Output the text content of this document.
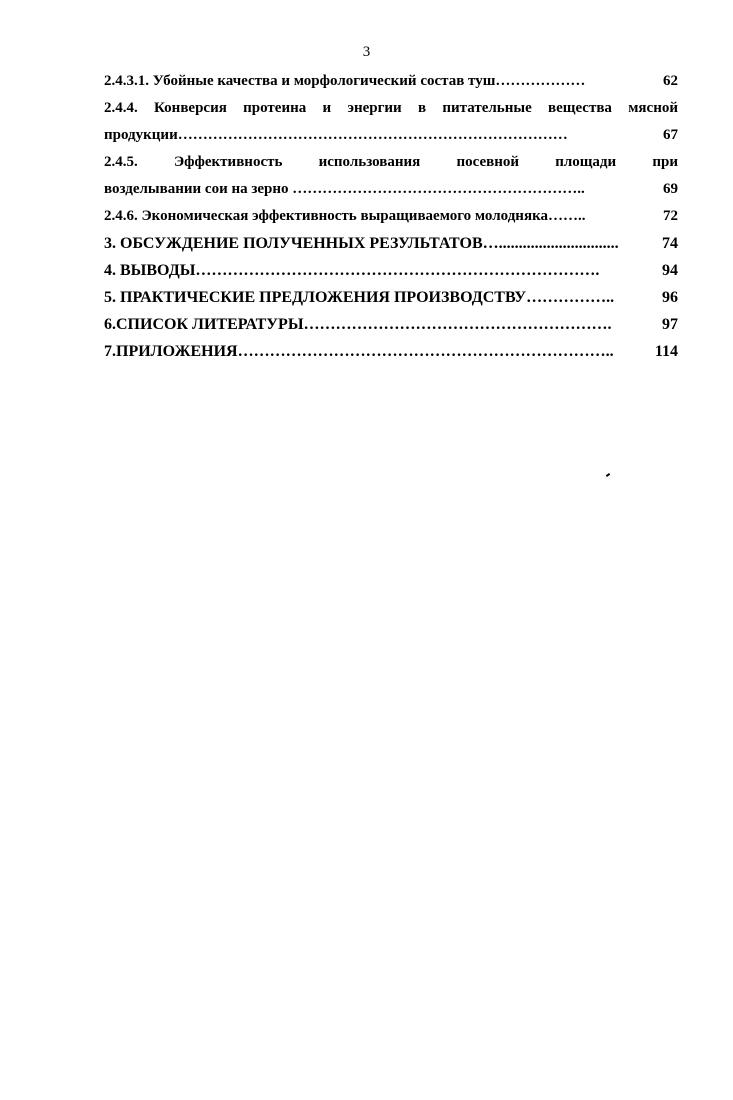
3
2.4.3.1. Убойные качества и морфологический состав туш ………………	62
2.4.4. Конверсия протеина и энергии в питательные вещества мясной
продукции ……………………………………………………………………	67
2.4.5. Эффективность использования посевной площади при
возделывании сои на зерно …………………………………………………..	69
2.4.6. Экономическая эффективность выращиваемого молодняка ……..	72
3. ОБСУЖДЕНИЕ ПОЛУЧЕННЫХ РЕЗУЛЬТАТОВ …..............................	74
4. ВЫВОДЫ ………………………………………………………………….	94
5. ПРАКТИЧЕСКИЕ ПРЕДЛОЖЕНИЯ ПРОИЗВОДСТВУ ……………..	96
6.СПИСОК ЛИТЕРАТУРЫ ………………………………………………….	97
7.ПРИЛОЖЕНИЯ ……………………………………………………………..	114
